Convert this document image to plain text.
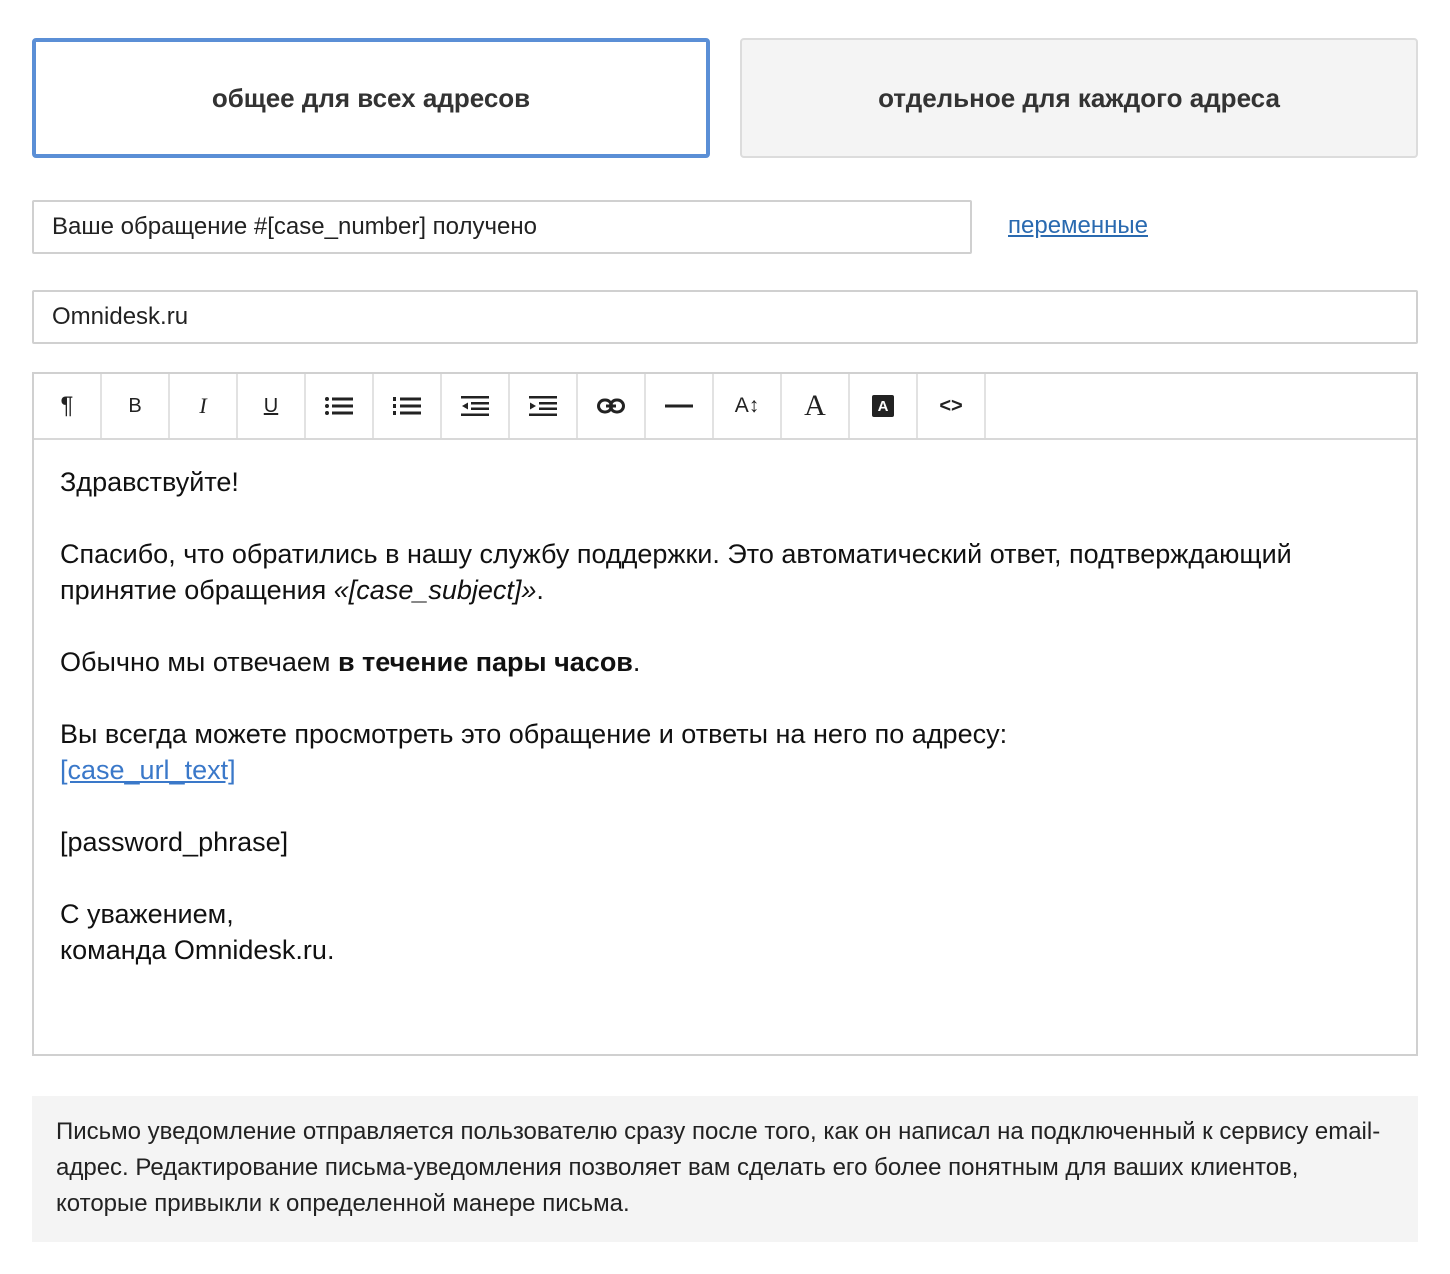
общее для всех адресов	отдельное для каждого адреса
Ваше обращение #[case_number] получено
переменные
Omnidesk.ru
¶	B	I	U	A↕ A	A	<>

Здравствуйте!

Спасибо, что обратились в нашу службу поддержки. Это автоматический ответ, подтверждающий принятие обращения «[case_subject]».

Обычно мы отвечаем в течение пары часов.

Вы всегда можете просмотреть это обращение и ответы на него по адресу:
[case_url_text]

[password_phrase]

С уважением,
команда Omnidesk.ru.

Письмо уведомление отправляется пользователю сразу после того, как он написал на подключенный к сервису email-адрес. Редактирование письма-уведомления позволяет вам сделать его более понятным для ваших клиентов, которые привыкли к определенной манере письма.
